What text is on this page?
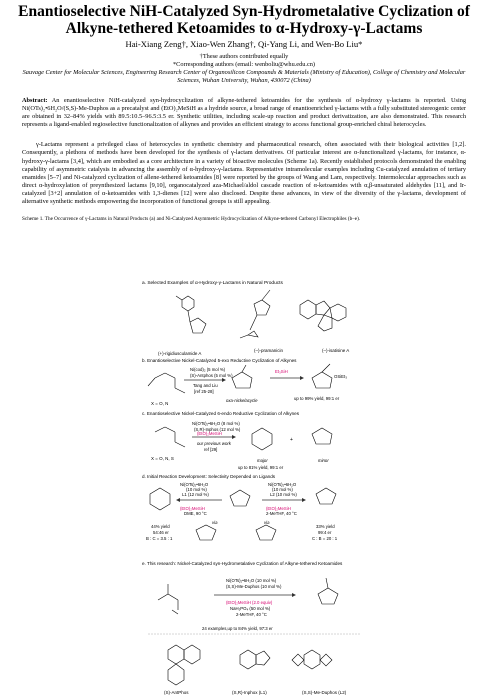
Enantioselective NiH-Catalyzed Syn-Hydrometalative Cyclization of Alkyne-tethered Ketoamides to α-Hydroxy-γ-Lactams
Hai-Xiang Zeng†, Xiao-Wen Zhang†, Qi-Yang Li, and Wen-Bo Liu*
†These authors contributed equally
*Corresponding authors (email: wenboliu@whu.edu.cn)
Sauvage Center for Molecular Sciences, Engineering Research Center of Organosilicon Compounds & Materials (Ministry of Education), College of Chemistry and Molecular Sciences, Wuhan University, Wuhan, 430072 (China)
Abstract: An enantioselective NiH-catalyzed syn-hydrocyclization of alkyne-tethered ketoamides for the synthesis of α-hydroxy γ-lactams is reported. Using Ni(OTs)₂•6H₂O/(S,S)-Me-Duphos as a precatalyst and (EtO)₂MeSiH as a hydride source, a broad range of enantioenriched γ-lactams with a fully substituted stereogenic center are obtained in 32–84% yields with 89.5:10.5–96.5:3.5 er. Synthetic utilities, including scale-up reaction and product derivatization, are also demonstrated. This research represents a ligand-enabled regioselective functionalization of alkynes and provides an efficient strategy to access functional group-enriched chiral heterocycles.
γ-Lactams represent a privileged class of heterocycles in synthetic chemistry and pharmaceutical research, often associated with their biological activities [1,2]. Consequently, a plethora of methods have been developed for the synthesis of γ-lactam derivatives. Of particular interest are α-functionalized γ-lactams, for instance, α-hydroxy-γ-lactams [3,4], which are embodied as a core architecture in a variety of bioactive molecules (Scheme 1a). Recently established protocols demonstrated the enabling capability of asymmetric catalysis in advancing the assembly of α-hydroxy-γ-lactams. Representative intramolecular examples including Cu-catalyzed annulation of tertiary enamides [5–7] and Ni-catalyzed cyclization of allene-tethered ketoamides [8] were reported by the groups of Wang and Lam, respectively. Intermolecular approaches such as direct α-hydroxylation of preynthesized lactams [9,10], organocatalyzed aza-Michael/aldol cascade reaction of α-ketoamides with α,β-unsaturated aldehydes [11], and Ir-catalyzed [3+2] annulation of α-ketoamides with 1,3-dienes [12] were also disclosed. Despite these advances, in view of the diversity of the γ-lactams, development of alternative synthetic methods empowering the incorporation of functional groups is still appealing.
Scheme 1. The Occurrence of γ-Lactams in Natural Products (a) and Ni-Catalyzed Asymmetric Hydrocyclization of Alkyne-tethered Carbonyl Electrophiles (b–e).
a. Selected Examples of α-Hydroxy-γ-Lactams in Natural Products
(+)-rigidiusculamide A
(–)-pramanicin	(–)-isatisine A
b. Enantioselective Nickel-Catalyzed 5-exo Reductive Cyclization of Alkynes
X = O, N
Ni(cod)₂ (5 mol %)
(S)-Antphos (5 mol %)
Tang and Liu
[ref 25-28]
oxa-nickelacycle
Et₃SiH
OSiEt₃
up to 99% yield, 99:1 er
c. Enantioselective Nickel-Catalyzed 6-endo Reductive Cyclization of Alkynes
X = O, N, S
Ni(OTs)₂•6H₂O (8 mol %)
(S,R)-Inphos (12 mol %)
(EtO)₂MeSiH
our previous work
ref [29]
major
+
minor
up to 81% yield, 99:1 er
d. Initial Reaction Development: Selectivity Depended on Ligands
Ni(OTs)₂•6H₂O
(10 mol %)
L1 (12 mol %)
(EtO)₂MeSiH
DME, 90 °C
Ni(OTs)₂•6H₂O
(10 mol %)
L2 (10 mol %)
(EtO)₂MeSiH
2-MeTHF, 40 °C
44% yield
54:46 er
B : C = 3.5 : 1
33% yield
99:4 er
C : B = 20 : 1
via	via
e. This research: Nickel-Catalyzed syn-Hydrometalative Cyclization of Alkyne-tethered Ketoamides
Ni(OTs)₂•6H₂O (10 mol %)
(S,S)-Me-Duphos (10 mol %)
(EtO)₂MeSiH (2.0 equiv)
NaH₂PO₄ (50 mol %)
2-MeTHF, 40 °C
24 examples,up to 84% yield, 97:3 er
(S)-AntPhos	(S,R)-Inphox (L1)	(S,S)-Me-Duphos (L2)
